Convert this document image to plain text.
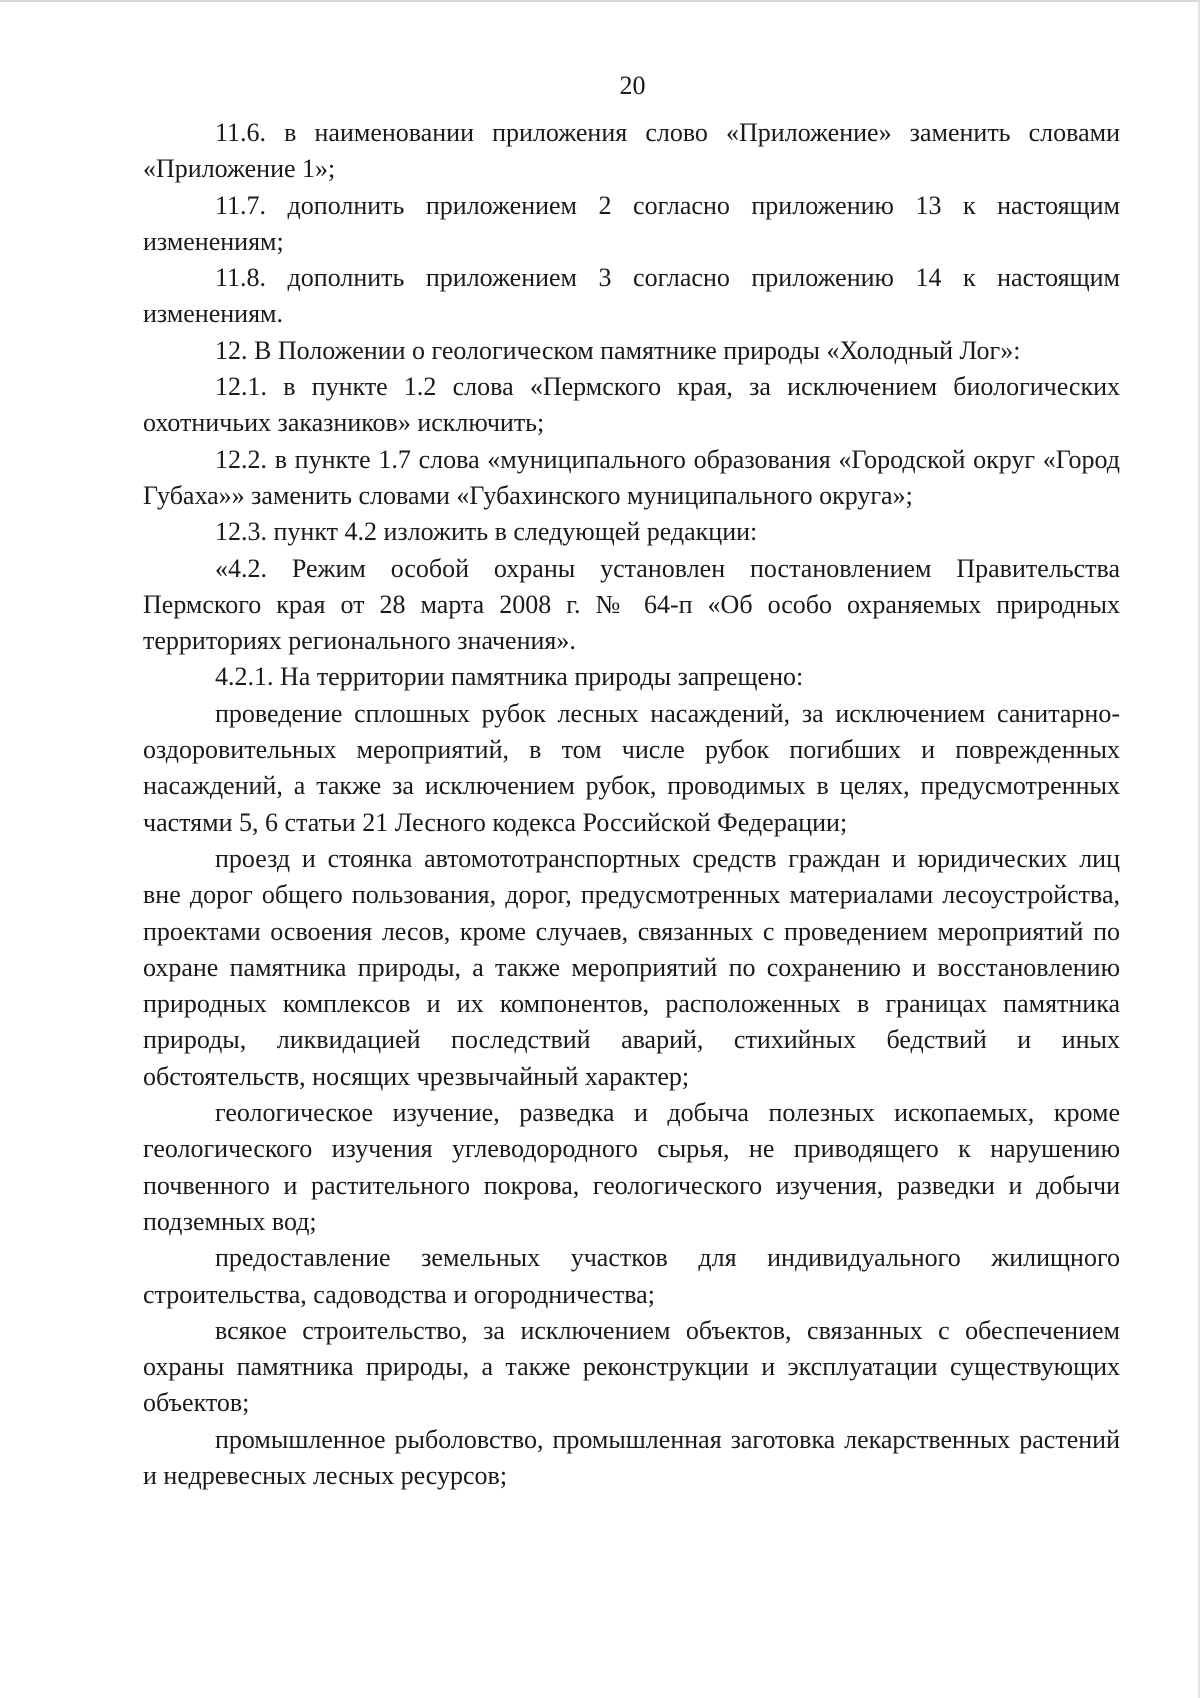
20

11.6. в наименовании приложения слово «Приложение» заменить словами «Приложение 1»;

11.7. дополнить приложением 2 согласно приложению 13 к настоящим изменениям;

11.8. дополнить приложением 3 согласно приложению 14 к настоящим изменениям.

12. В Положении о геологическом памятнике природы «Холодный Лог»:

12.1. в пункте 1.2 слова «Пермского края, за исключением биологических охотничьих заказников» исключить;

12.2. в пункте 1.7 слова «муниципального образования «Городской округ «Город Губаха»» заменить словами «Губахинского муниципального округа»;

12.3. пункт 4.2 изложить в следующей редакции:

«4.2. Режим особой охраны установлен постановлением Правительства Пермского края от 28 марта 2008 г. № 64-п «Об особо охраняемых природных территориях регионального значения».

4.2.1. На территории памятника природы запрещено:

проведение сплошных рубок лесных насаждений, за исключением санитарно-оздоровительных мероприятий, в том числе рубок погибших и поврежденных насаждений, а также за исключением рубок, проводимых в целях, предусмотренных частями 5, 6 статьи 21 Лесного кодекса Российской Федерации;

проезд и стоянка автомототранспортных средств граждан и юридических лиц вне дорог общего пользования, дорог, предусмотренных материалами лесоустройства, проектами освоения лесов, кроме случаев, связанных с проведением мероприятий по охране памятника природы, а также мероприятий по сохранению и восстановлению природных комплексов и их компонентов, расположенных в границах памятника природы, ликвидацией последствий аварий, стихийных бедствий и иных обстоятельств, носящих чрезвычайный характер;

геологическое изучение, разведка и добыча полезных ископаемых, кроме геологического изучения углеводородного сырья, не приводящего к нарушению почвенного и растительного покрова, геологического изучения, разведки и добычи подземных вод;

предоставление земельных участков для индивидуального жилищного строительства, садоводства и огородничества;

всякое строительство, за исключением объектов, связанных с обеспечением охраны памятника природы, а также реконструкции и эксплуатации существующих объектов;

промышленное рыболовство, промышленная заготовка лекарственных растений и недревесных лесных ресурсов;
